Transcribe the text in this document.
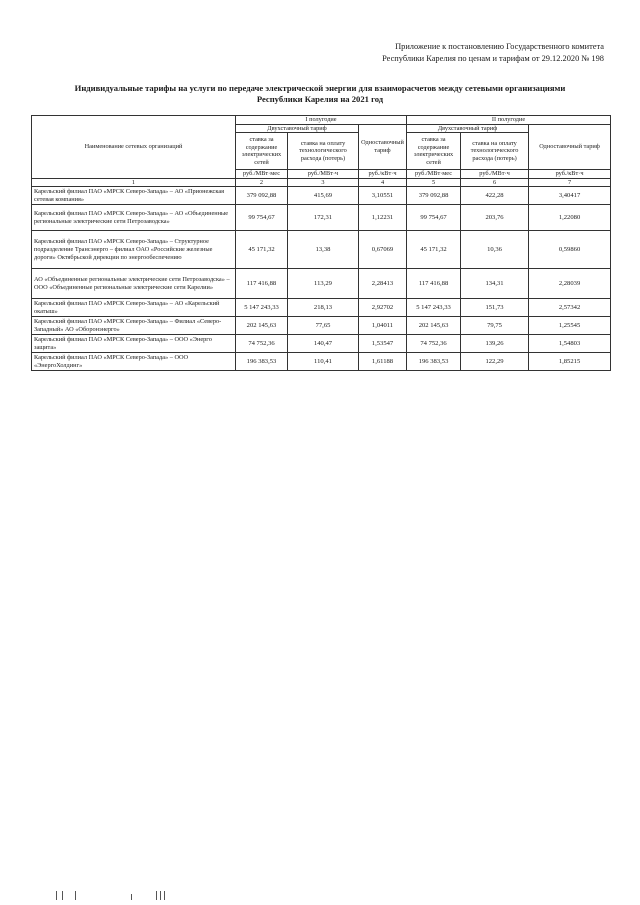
Приложение к постановлению Государственного комитета
Республики Карелия по ценам и тарифам от 29.12.2020 № 198
Индивидуальные тарифы на услуги по передаче электрической энергии для взаиморасчетов между сетевыми организациями
Республики Карелия на 2021 год
Наименование сетевых организаций	I полугодие			II полугодие		
	Двухставочный тариф		Одноставочный тариф	Двухставочный тариф		Одноставочный тариф
	ставка за содержание электрических сетей	ставка на оплату технологического расхода (потерь)		ставка за содержание электрических сетей	ставка на оплату технологического расхода (потерь)	
	руб./МВт·мес	руб./МВт·ч	руб./кВт·ч	руб./МВт·мес	руб./МВт·ч	руб./кВт·ч
1	2	3	4	5	6	7
Карельский филиал ПАО «МРСК Северо-Запада» – АО «Прионежская сетевая компания»	379 092,88	415,69	3,10551	379 092,88	422,28	3,40417
Карельский филиал ПАО «МРСК Северо-Запада» – АО «Объединенные региональные электрические сети Петрозаводска»	99 754,67	172,31	1,12231	99 754,67	203,76	1,22080
Карельский филиал ПАО «МРСК Северо-Запада» – Структурное подразделение Трансэнерго – филиал ОАО «Российские железные дороги» Октябрьской дирекции по энергообеспечению	45 171,32	13,38	0,67069	45 171,32	10,36	0,59860
АО «Объединенные региональные электрические сети Петрозаводска» – ООО «Объединенные региональные электрические сети Карелии»	117 416,88	113,29	2,28413	117 416,88	134,31	2,28039
Карельский филиал ПАО «МРСК Северо-Запада» – АО «Карельский окатыш»	5 147 243,33	218,13	2,92702	5 147 243,33	151,73	2,57342
Карельский филиал ПАО «МРСК Северо-Запада» – Филиал «Северо-Западный» АО «Оборонэнерго»	202 145,63	77,65	1,04011	202 145,63	79,75	1,25545
Карельский филиал ПАО «МРСК Северо-Запада» – ООО «Энерго защита»	74 752,36	140,47	1,53547	74 752,36	139,26	1,54803
Карельский филиал ПАО «МРСК Северо-Запада» – ООО «ЭнергоХолдинг»	196 383,53	110,41	1,61188	196 383,53	122,29	1,85215
